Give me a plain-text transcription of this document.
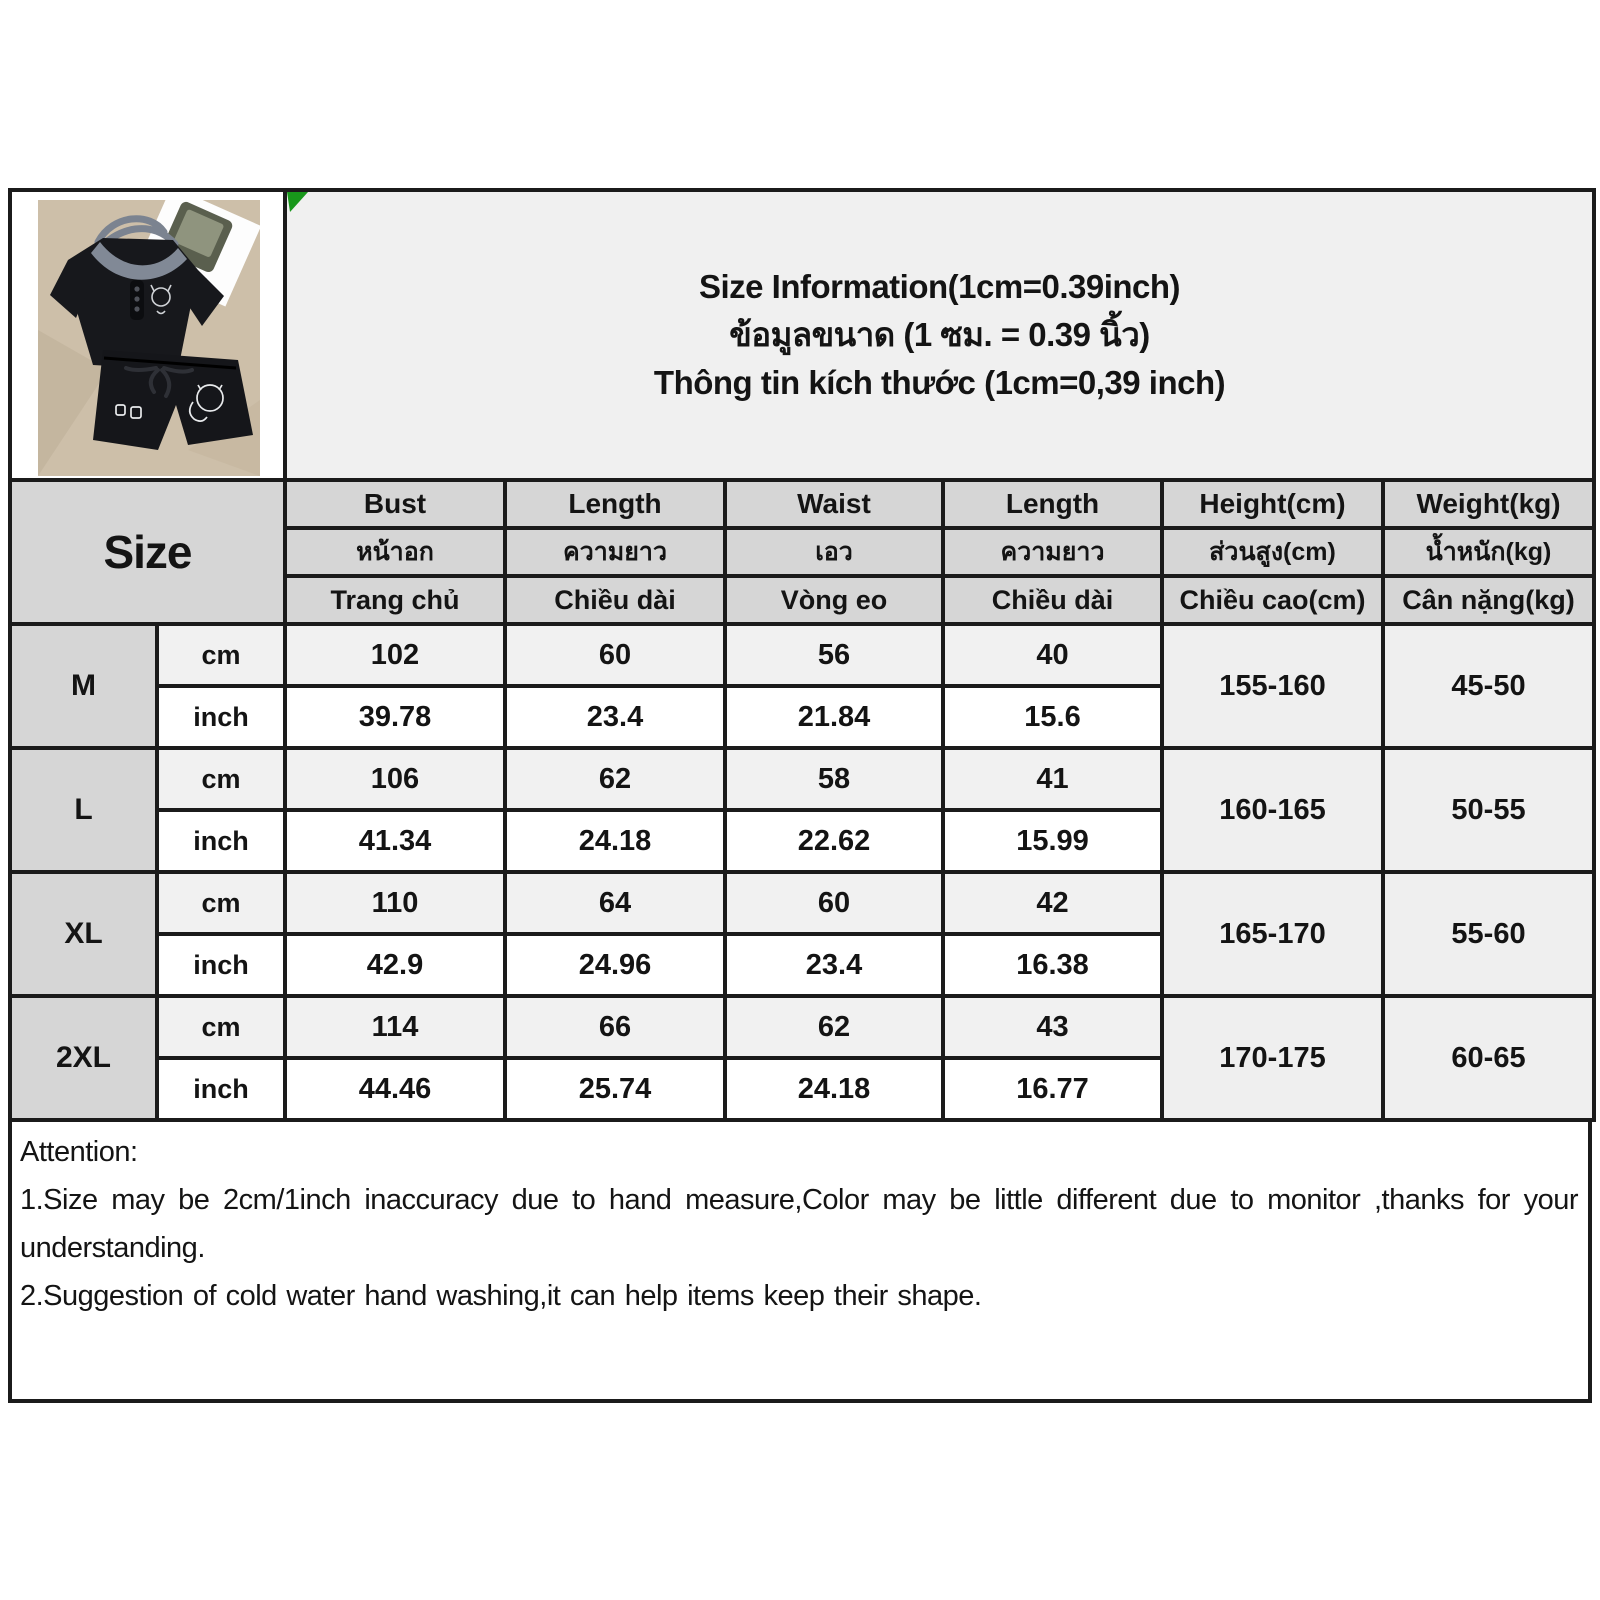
Size Information(1cm=0.39inch)
ข้อมูลขนาด (1 ซม. = 0.39 นิ้ว)
Thông tin kích thước (1cm=0,39 inch)					

Size		Bust	Length	Waist	Length	Height(cm)	Weight(kg)
		หน้าอก	ความยาว	เอว	ความยาว	ส่วนสูง(cm)	น้ำหนัก(kg)
		Trang chủ	Chiều dài	Vòng eo	Chiều dài	Chiều cao(cm)	Cân nặng(kg)
M	cm	102	60	56	40	155-160	45-50
	inch	39.78	23.4	21.84	15.6		
L	cm	106	62	58	41	160-165	50-55
	inch	41.34	24.18	22.62	15.99		
XL	cm	110	64	60	42	165-170	55-60
	inch	42.9	24.96	23.4	16.38		
2XL	cm	114	66	62	43	170-175	60-65
	inch	44.46	25.74	24.18	16.77		
Attention:

1.Size may be 2cm/1inch inaccuracy due to hand measure,Color may be little different due to monitor ,thanks for your understanding.

2.Suggestion of cold water hand washing,it can help items keep their shape.
